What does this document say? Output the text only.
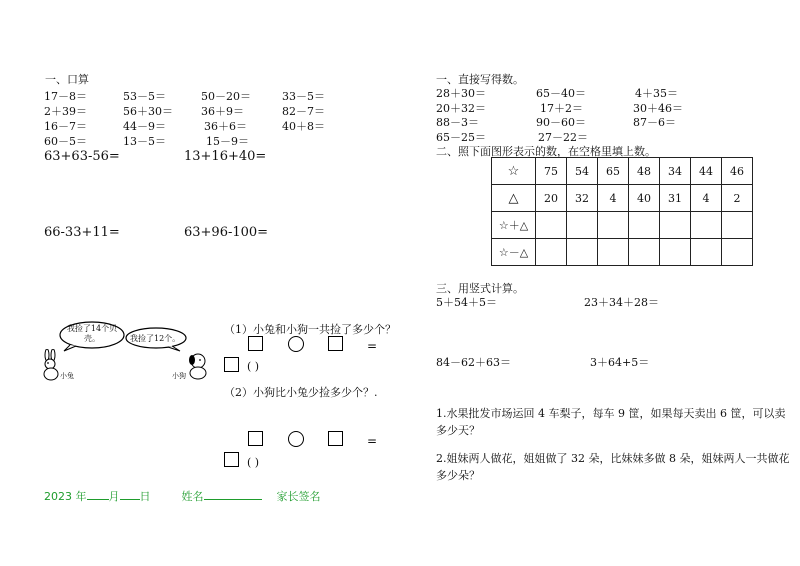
一、口算
17－8＝	53－5＝	50－20＝	33－5＝
2＋39＝	56＋30＝	36＋9＝	82－7＝
16－7＝	44－9＝	36＋6＝	40＋8＝
60－5＝	13－5＝	15－9＝
63+63-56=	13+16+40=
66-33+11=	63+96-100=
我捡了14个贝壳。	我捡了12个。
小兔	小狗
（1）小兔和小狗一共捡了多少个？
=
( )
（2）小狗比小兔少捡多少个？.
=
( )
2023 年 月 日	姓名	家长签名
一、直接写得数。
28＋30＝	65－40＝	4＋35＝
20＋32＝	17＋2＝	30＋46＝
88－3＝	90－60＝	87－6＝
65－25＝	27－22＝
二、照下面图形表示的数，在空格里填上数。
☆	75	54	65	48	34	44	46
△	20	32	4	40	31	4	2
☆＋△							
☆－△							
三、用竖式计算。
5＋54＋5＝	23＋34＋28＝
84－62＋63＝	3＋64+5＝
1.水果批发市场运回 4 车梨子，每车 9 筐，如果每天卖出 6 筐，可以卖
多少天？
2.姐妹两人做花，姐姐做了 32 朵，比妹妹多做 8 朵，姐妹两人一共做花
多少朵？
